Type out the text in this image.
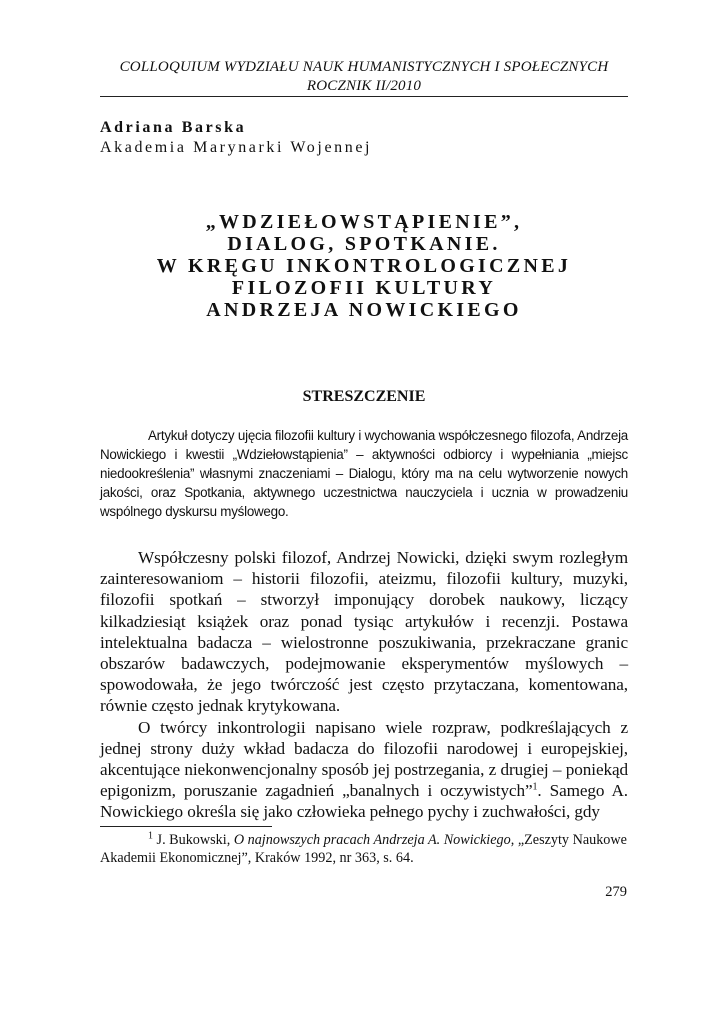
COLLOQUIUM WYDZIAŁU NAUK HUMANISTYCZNYCH I SPOŁECZNYCH
ROCZNIK II/2010
Adriana Barska
Akademia Marynarki Wojennej
„WDZIEŁOWSTĄPIENIE”,
DIALOG, SPOTKANIE.
W KRĘGU INKONTROLOGICZNEJ
FILOZOFII KULTURY
ANDRZEJA NOWICKIEGO
STRESZCZENIE
Artykuł dotyczy ujęcia filozofii kultury i wychowania współczesnego filozofa, Andrzeja Nowickiego i kwestii „Wdziełowstąpienia” – aktywności odbiorcy i wypełniania „miejsc niedookreślenia” własnymi znaczeniami – Dialogu, który ma na celu wytworzenie nowych jakości, oraz Spotkania, aktywnego uczestnictwa nauczyciela i ucznia w prowadzeniu wspólnego dyskursu myślowego.

Współczesny polski filozof, Andrzej Nowicki, dzięki swym rozległym zainteresowaniom – historii filozofii, ateizmu, filozofii kultury, muzyki, filozofii spotkań – stworzył imponujący dorobek naukowy, liczący kilkadziesiąt książek oraz ponad tysiąc artykułów i recenzji. Postawa intelektualna badacza – wielostronne poszukiwania, przekraczane granic obszarów badawczych, podejmowanie eksperymentów myślowych – spowodowała, że jego twórczość jest często przytaczana, komentowana, równie często jednak krytykowana.

O twórcy inkontrologii napisano wiele rozpraw, podkreślających z jednej strony duży wkład badacza do filozofii narodowej i europejskiej, akcentujące niekonwencjonalny sposób jej postrzegania, z drugiej – poniekąd epigonizm, poruszanie zagadnień „banalnych i oczywistych”$^1$. Samego A. Nowickiego określa się jako człowieka pełnego pychy i zuchwałości, gdy

$^1$ J. Bukowski, O najnowszych pracach Andrzeja A. Nowickiego, „Zeszyty Naukowe Akademii Ekonomicznej”, Kraków 1992, nr 363, s. 64.
279
